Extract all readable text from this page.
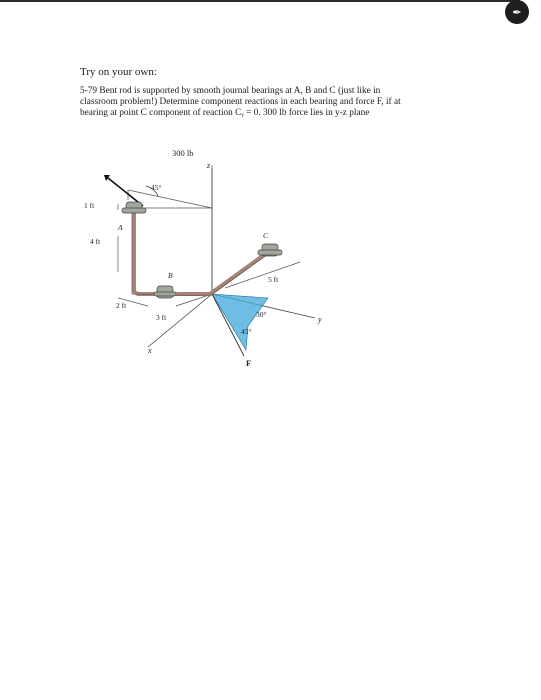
✒
Try on your own:

5-79 Bent rod is supported by smooth journal bearings at A, B and C (just like in

classroom problem!) Determine component reactions in each bearing and force F, if at

bearing at point C component of reaction Cᵧ = 0. 300 lb force lies in y-z plane

300 lb
45°
z
A
1 ft
4 ft
B
C
2 ft
3 ft
5 ft
30°
45°
y
x
F
